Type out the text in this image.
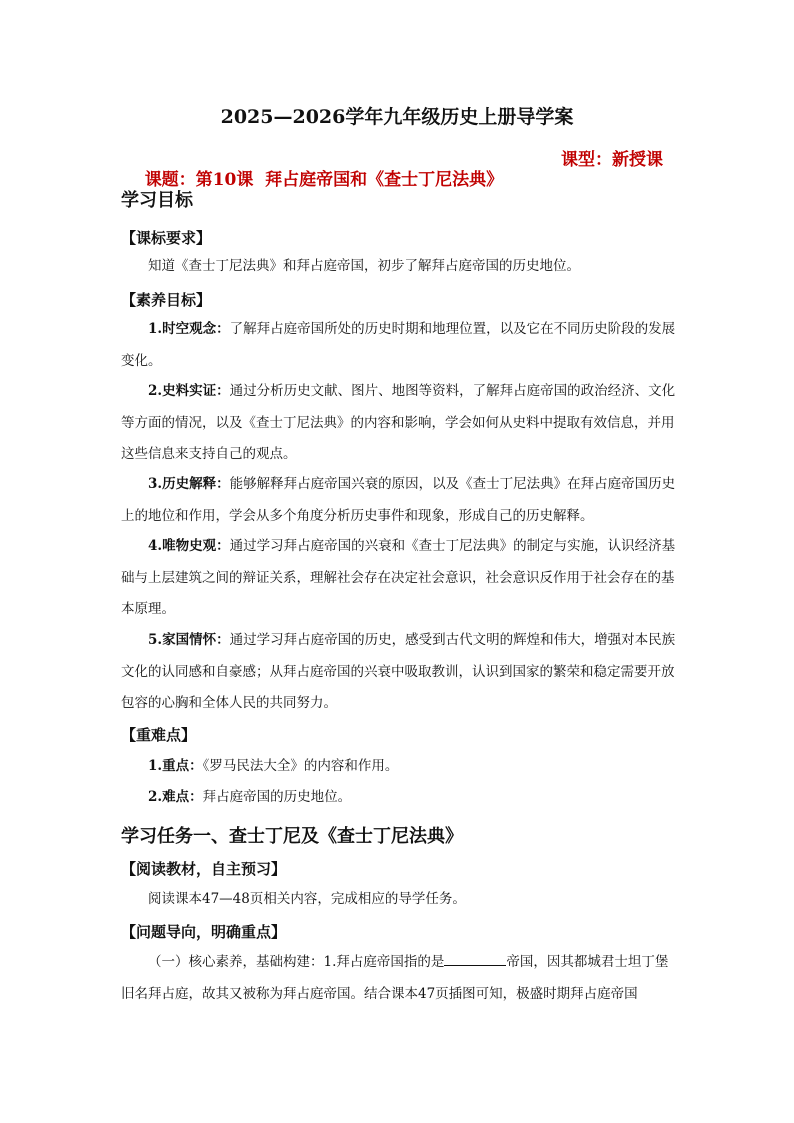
2025—2026学年九年级历史上册导学案

课题：第10课  拜占庭帝国和《查士丁尼法典》

课型：新授课

学习目标
【课标要求】
知道《查士丁尼法典》和拜占庭帝国，初步了解拜占庭帝国的历史地位。
【素养目标】
1.时空观念：了解拜占庭帝国所处的历史时期和地理位置，以及它在不同历史阶段的发展变化。
2.史料实证：通过分析历史文献、图片、地图等资料，了解拜占庭帝国的政治经济、文化等方面的情况，以及《查士丁尼法典》的内容和影响，学会如何从史料中提取有效信息，并用这些信息来支持自己的观点。
3.历史解释：能够解释拜占庭帝国兴衰的原因，以及《查士丁尼法典》在拜占庭帝国历史上的地位和作用，学会从多个角度分析历史事件和现象，形成自己的历史解释。
4.唯物史观：通过学习拜占庭帝国的兴衰和《查士丁尼法典》的制定与实施，认识经济基础与上层建筑之间的辩证关系，理解社会存在决定社会意识，社会意识反作用于社会存在的基本原理。
5.家国情怀：通过学习拜占庭帝国的历史，感受到古代文明的辉煌和伟大，增强对本民族文化的认同感和自豪感；从拜占庭帝国的兴衰中吸取教训，认识到国家的繁荣和稳定需要开放包容的心胸和全体人民的共同努力。
【重难点】
1.重点：《罗马民法大全》的内容和作用。
2.难点：拜占庭帝国的历史地位。
学习任务一、查士丁尼及《查士丁尼法典》
【阅读教材，自主预习】
阅读课本47—48页相关内容，完成相应的导学任务。
【问题导向，明确重点】
（一）核心素养，基础构建：1.拜占庭帝国指的是	帝国，因其都城君士坦丁堡旧名拜占庭，故其又被称为拜占庭帝国。结合课本47页插图可知，极盛时期拜占庭帝国
